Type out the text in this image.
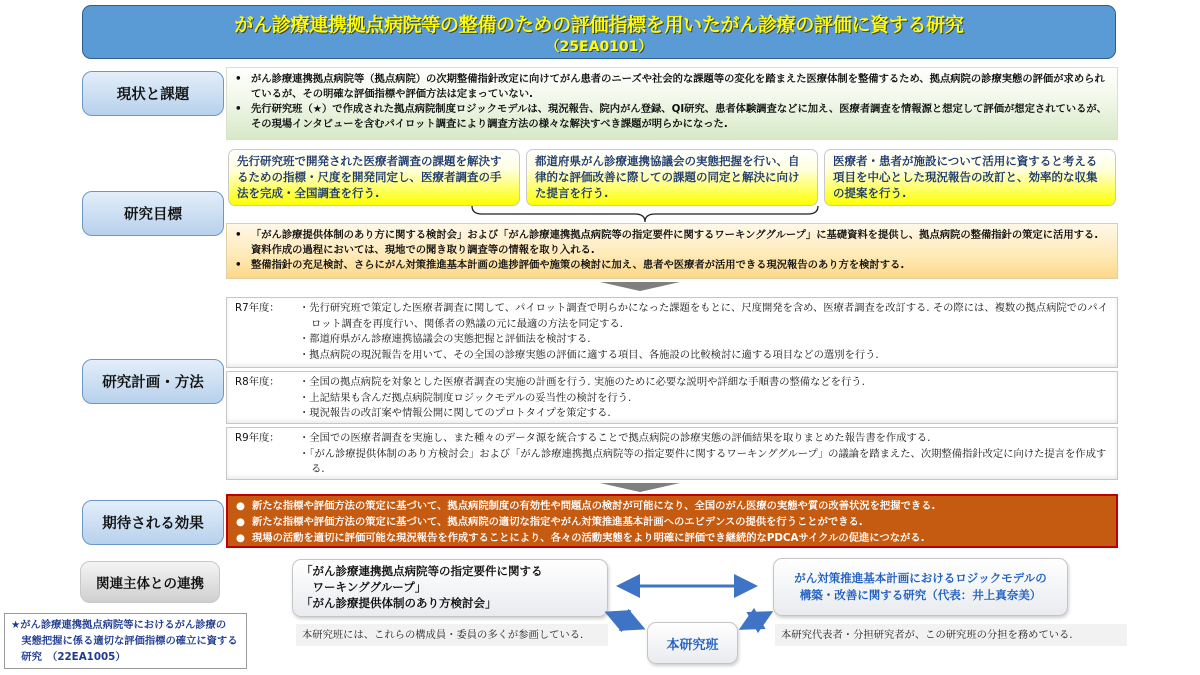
がん診療連携拠点病院等の整備のための評価指標を用いたがん診療の評価に資する研究
（25EA0101）
現状と課題
• がん診療連携拠点病院等（拠点病院）の次期整備指針改定に向けてがん患者のニーズや社会的な課題等の変化を踏まえた医療体制を整備するため、拠点病院の診療実態の評価が求められているが、その明確な評価指標や評価方法は定まっていない.
• 先行研究班（★）で作成された拠点病院制度ロジックモデルは、現況報告、院内がん登録、QI研究、患者体験調査などに加え、医療者調査を情報源と想定して評価が想定されているが、その現場インタビューを含むパイロット調査により調査方法の様々な解決すべき課題が明らかになった.
研究目標
先行研究班で開発された医療者調査の課題を解決するための指標・尺度を開発同定し、医療者調査の手法を完成・全国調査を行う.
都道府県がん診療連携協議会の実態把握を行い、自律的な評価改善に際しての課題の同定と解決に向けた提言を行う.
医療者・患者が施設について活用に資すると考える項目を中心とした現況報告の改訂と、効率的な収集の提案を行う.
• 「がん診療提供体制のあり方に関する検討会」および「がん診療連携拠点病院等の指定要件に関するワーキンググループ」に基礎資料を提供し、拠点病院の整備指針の策定に活用する.資料作成の過程においては、現地での聞き取り調査等の情報を取り入れる.
• 整備指針の充足検討、さらにがん対策推進基本計画の進捗評価や施策の検討に加え、患者や医療者が活用できる現況報告のあり方を検討する.
研究計画・方法
R7年度：	・先行研究班で策定した医療者調査に関して、パイロット調査で明らかになった課題をもとに、尺度開発を含め、医療者調査を改訂する. その際には、複数の拠点病院でのパイロット調査を再度行い、関係者の熟議の元に最適の方法を同定する.
・都道府県がん診療連携協議会の実態把握と評価法を検討する.
・拠点病院の現況報告を用いて、その全国の診療実態の評価に適する項目、各施設の比較検討に適する項目などの選別を行う.
R8年度：	・全国の拠点病院を対象とした医療者調査の実施の計画を行う. 実施のために必要な説明や詳細な手順書の整備などを行う.
・上記結果も含んだ拠点病院制度ロジックモデルの妥当性の検討を行う.
・現況報告の改訂案や情報公開に関してのプロトタイプを策定する.
R9年度：	・全国での医療者調査を実施し、また種々のデータ源を統合することで拠点病院の診療実態の評価結果を取りまとめた報告書を作成する.
・「がん診療提供体制のあり方検討会」および「がん診療連携拠点病院等の指定要件に関するワーキンググループ」の議論を踏まえた、次期整備指針改定に向けた提言を作成する.
期待される効果
● 新たな指標や評価方法の策定に基づいて、拠点病院制度の有効性や問題点の検討が可能になり、全国のがん医療の実態や質の改善状況を把握できる.
● 新たな指標や評価方法の策定に基づいて、拠点病院の適切な指定やがん対策推進基本計画へのエビデンスの提供を行うことができる.
● 現場の活動を適切に評価可能な現況報告を作成することにより、各々の活動実態をより明確に評価でき継続的なPDCAサイクルの促進につながる.
関連主体との連携
「がん診療連携拠点病院等の指定要件に関する
　ワーキンググループ」
「がん診療提供体制のあり方検討会」
本研究班には、これらの構成員・委員の多くが参画している.
がん対策推進基本計画におけるロジックモデルの
構築・改善に関する研究（代表：井上真奈美）
本研究代表者・分担研究者が、この研究班の分担を務めている.
本研究班
★がん診療連携拠点病院等におけるがん診療の
　実態把握に係る適切な評価指標の確立に資する
　研究　（22EA1005）
